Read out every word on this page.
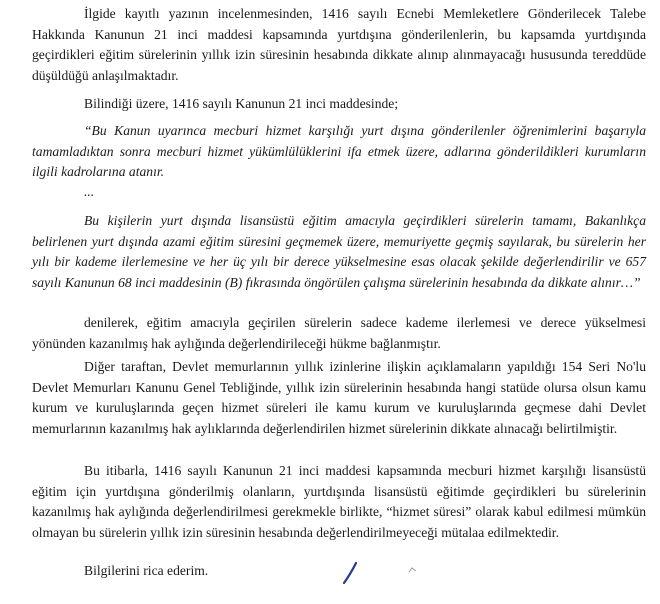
İlgide kayıtlı yazının incelenmesinden, 1416 sayılı Ecnebi Memleketlere Gönderilecek Talebe Hakkında Kanunun 21 inci maddesi kapsamında yurtdışına gönderilenlerin, bu kapsamda yurtdışında geçirdikleri eğitim sürelerinin yıllık izin süresinin hesabında dikkate alınıp alınmayacağı hususunda tereddüde düşüldüğü anlaşılmaktadır.

Bilindiği üzere, 1416 sayılı Kanunun 21 inci maddesinde;

“Bu Kanun uyarınca mecburi hizmet karşılığı yurt dışına gönderilenler öğrenimlerini başarıyla tamamladıktan sonra mecburi hizmet yükümlülüklerini ifa etmek üzere, adlarına gönderildikleri kurumların ilgili kadrolarına atanır.

...

Bu kişilerin yurt dışında lisansüstü eğitim amacıyla geçirdikleri sürelerin tamamı, Bakanlıkça belirlenen yurt dışında azami eğitim süresini geçmemek üzere, memuriyette geçmiş sayılarak, bu sürelerin her yılı bir kademe ilerlemesine ve her üç yılı bir derece yükselmesine esas olacak şekilde değerlendirilir ve 657 sayılı Kanunun 68 inci maddesinin (B) fıkrasında öngörülen çalışma sürelerinin hesabında da dikkate alınır…”

denilerek, eğitim amacıyla geçirilen sürelerin sadece kademe ilerlemesi ve derece yükselmesi yönünden kazanılmış hak aylığında değerlendirileceği hükme bağlanmıştır.

Diğer taraftan, Devlet memurlarının yıllık izinlerine ilişkin açıklamaların yapıldığı 154 Seri No'lu Devlet Memurları Kanunu Genel Tebliğinde, yıllık izin sürelerinin hesabında hangi statüde olursa olsun kamu kurum ve kuruluşlarında geçen hizmet süreleri ile kamu kurum ve kuruluşlarında geçmese dahi Devlet memurlarının kazanılmış hak aylıklarında değerlendirilen hizmet sürelerinin dikkate alınacağı belirtilmiştir.

Bu itibarla, 1416 sayılı Kanunun 21 inci maddesi kapsamında mecburi hizmet karşılığı lisansüstü eğitim için yurtdışına gönderilmiş olanların, yurtdışında lisansüstü eğitimde geçirdikleri bu sürelerinin kazanılmış hak aylığında değerlendirilmesi gerekmekle birlikte, “hizmet süresi” olarak kabul edilmesi mümkün olmayan bu sürelerin yıllık izin süresinin hesabında değerlendirilmeyeceği mütalaa edilmektedir.

Bilgilerini rica ederim.
